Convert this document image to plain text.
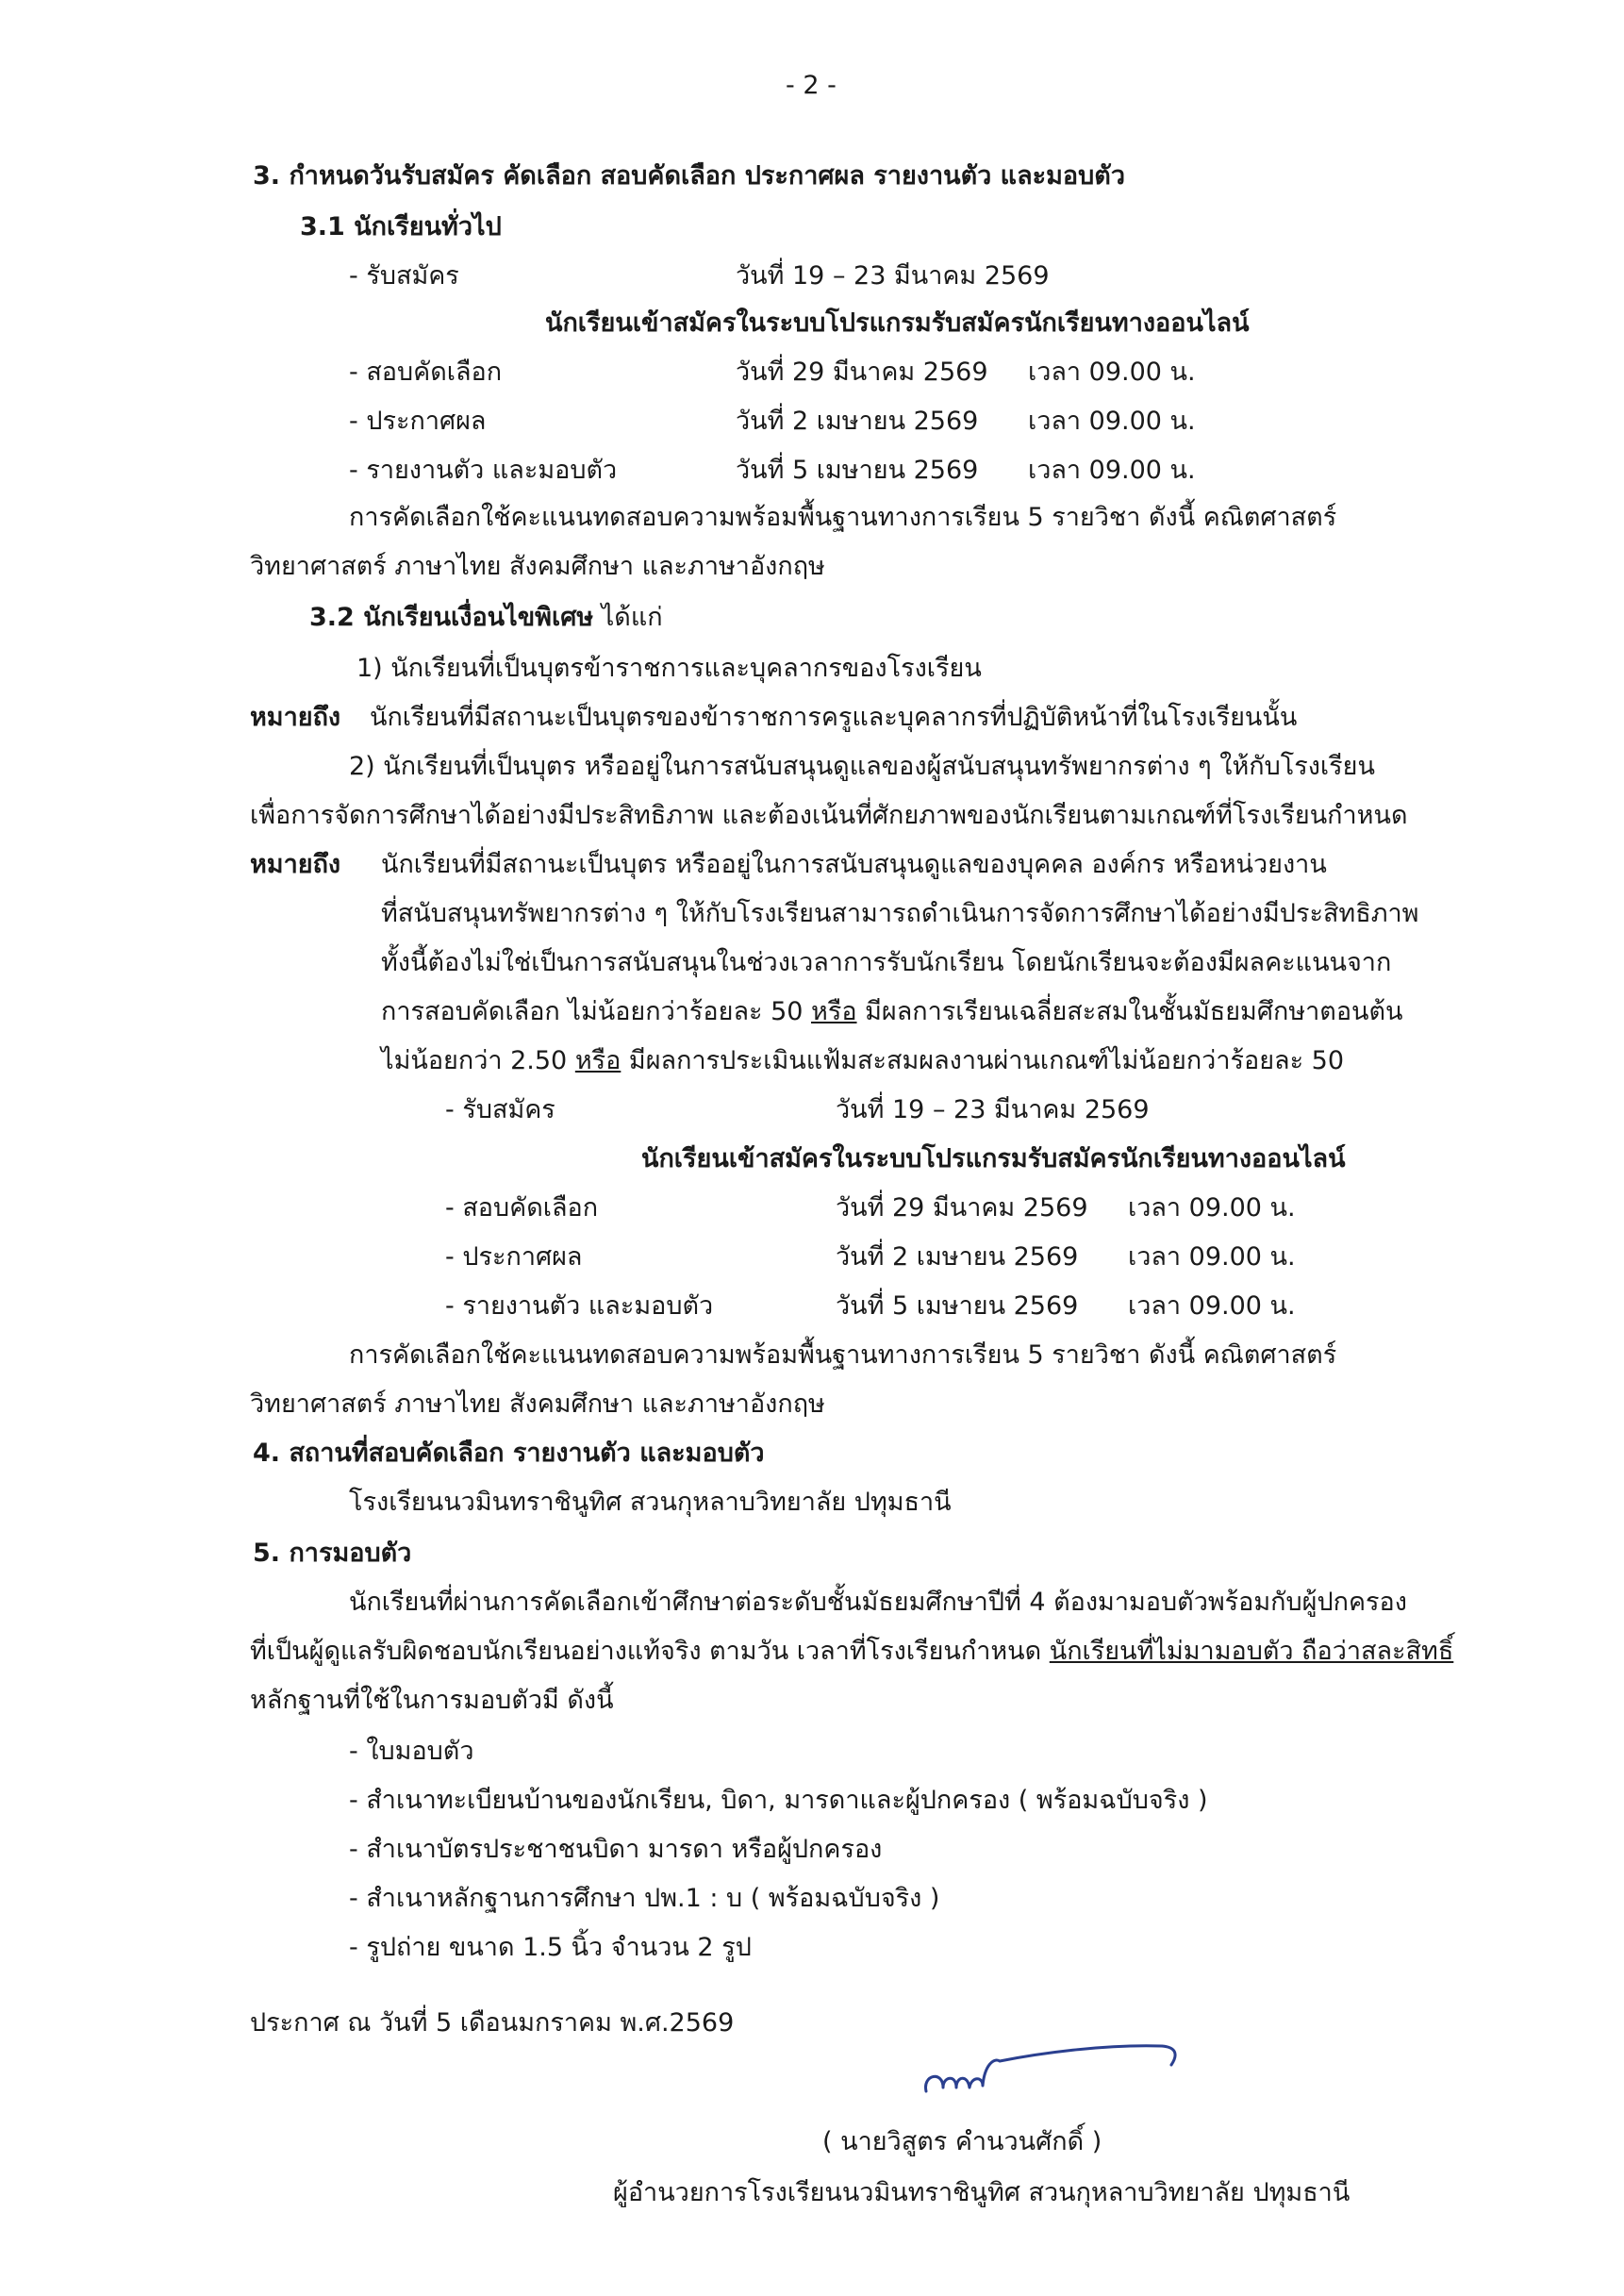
- 2 -
3. กำหนดวันรับสมัคร คัดเลือก สอบคัดเลือก ประกาศผล รายงานตัว และมอบตัว
3.1 นักเรียนทั่วไป
- รับสมัคร	วันที่ 19 – 23 มีนาคม 2569
นักเรียนเข้าสมัครในระบบโปรแกรมรับสมัครนักเรียนทางออนไลน์
- สอบคัดเลือก	วันที่ 29 มีนาคม 2569 เวลา 09.00 น.
- ประกาศผล	วันที่ 2 เมษายน 2569 เวลา 09.00 น.
- รายงานตัว และมอบตัว	วันที่ 5 เมษายน 2569 เวลา 09.00 น.
การคัดเลือกใช้คะแนนทดสอบความพร้อมพื้นฐานทางการเรียน 5 รายวิชา ดังนี้ คณิตศาสตร์
วิทยาศาสตร์ ภาษาไทย สังคมศึกษา และภาษาอังกฤษ
3.2 นักเรียนเงื่อนไขพิเศษ ได้แก่
1) นักเรียนที่เป็นบุตรข้าราชการและบุคลากรของโรงเรียน
หมายถึง นักเรียนที่มีสถานะเป็นบุตรของข้าราชการครูและบุคลากรที่ปฏิบัติหน้าที่ในโรงเรียนนั้น
2) นักเรียนที่เป็นบุตร หรืออยู่ในการสนับสนุนดูแลของผู้สนับสนุนทรัพยากรต่าง ๆ ให้กับโรงเรียน
เพื่อการจัดการศึกษาได้อย่างมีประสิทธิภาพ และต้องเน้นที่ศักยภาพของนักเรียนตามเกณฑ์ที่โรงเรียนกำหนด
หมายถึง นักเรียนที่มีสถานะเป็นบุตร หรืออยู่ในการสนับสนุนดูแลของบุคคล องค์กร หรือหน่วยงาน
ที่สนับสนุนทรัพยากรต่าง ๆ ให้กับโรงเรียนสามารถดำเนินการจัดการศึกษาได้อย่างมีประสิทธิภาพ
ทั้งนี้ต้องไม่ใช่เป็นการสนับสนุนในช่วงเวลาการรับนักเรียน โดยนักเรียนจะต้องมีผลคะแนนจาก
การสอบคัดเลือก ไม่น้อยกว่าร้อยละ 50 หรือ มีผลการเรียนเฉลี่ยสะสมในชั้นมัธยมศึกษาตอนต้น
ไม่น้อยกว่า 2.50 หรือ มีผลการประเมินแฟ้มสะสมผลงานผ่านเกณฑ์ไม่น้อยกว่าร้อยละ 50
- รับสมัคร	วันที่ 19 – 23 มีนาคม 2569
นักเรียนเข้าสมัครในระบบโปรแกรมรับสมัครนักเรียนทางออนไลน์
- สอบคัดเลือก	วันที่ 29 มีนาคม 2569 เวลา 09.00 น.
- ประกาศผล	วันที่ 2 เมษายน 2569 เวลา 09.00 น.
- รายงานตัว และมอบตัว	วันที่ 5 เมษายน 2569 เวลา 09.00 น.
การคัดเลือกใช้คะแนนทดสอบความพร้อมพื้นฐานทางการเรียน 5 รายวิชา ดังนี้ คณิตศาสตร์
วิทยาศาสตร์ ภาษาไทย สังคมศึกษา และภาษาอังกฤษ
4. สถานที่สอบคัดเลือก รายงานตัว และมอบตัว
โรงเรียนนวมินทราชินูทิศ สวนกุหลาบวิทยาลัย ปทุมธานี
5. การมอบตัว
นักเรียนที่ผ่านการคัดเลือกเข้าศึกษาต่อระดับชั้นมัธยมศึกษาปีที่ 4 ต้องมามอบตัวพร้อมกับผู้ปกครอง
ที่เป็นผู้ดูแลรับผิดชอบนักเรียนอย่างแท้จริง ตามวัน เวลาที่โรงเรียนกำหนด นักเรียนที่ไม่มามอบตัว ถือว่าสละสิทธิ์
หลักฐานที่ใช้ในการมอบตัวมี ดังนี้
- ใบมอบตัว
- สำเนาทะเบียนบ้านของนักเรียน, บิดา, มารดาและผู้ปกครอง ( พร้อมฉบับจริง )
- สำเนาบัตรประชาชนบิดา มารดา หรือผู้ปกครอง
- สำเนาหลักฐานการศึกษา ปพ.1 : บ ( พร้อมฉบับจริง )
- รูปถ่าย ขนาด 1.5 นิ้ว จำนวน 2 รูป
ประกาศ ณ วันที่ 5 เดือนมกราคม พ.ศ.2569
( นายวิสูตร คำนวนศักดิ์ )
ผู้อำนวยการโรงเรียนนวมินทราชินูทิศ สวนกุหลาบวิทยาลัย ปทุมธานี
